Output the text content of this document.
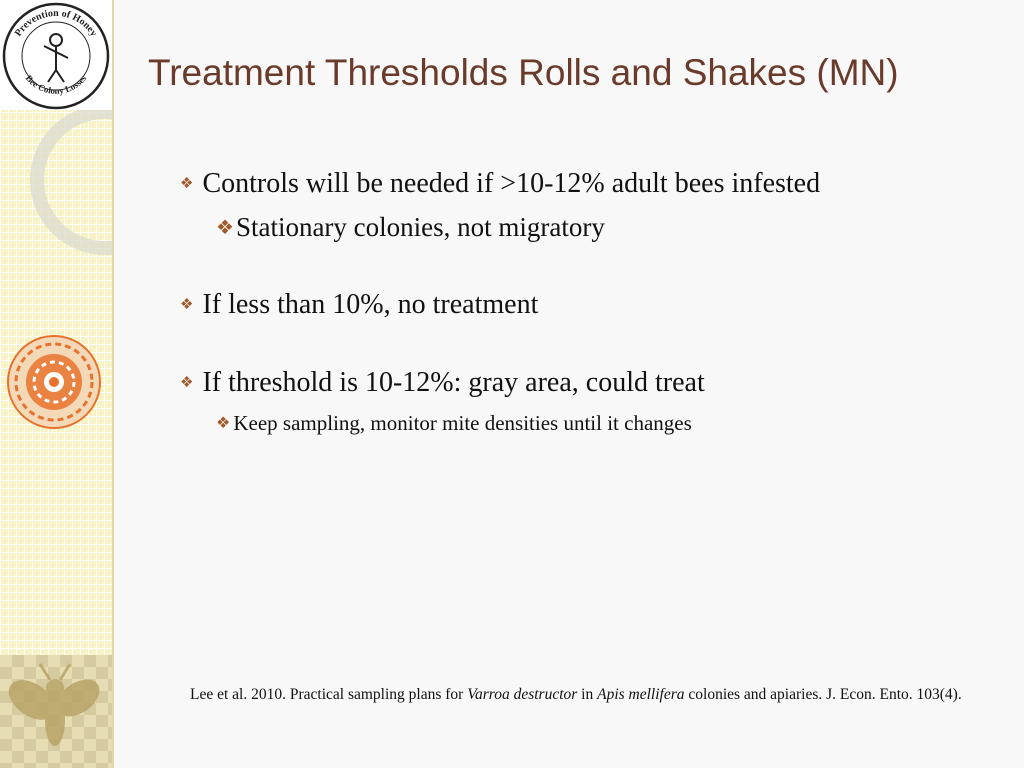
Prevention of Honey
Bee Colony Losses Treatment Thresholds Rolls and Shakes (MN)
❖ Controls will be needed if >10-12% adult bees infested
❖ Stationary colonies, not migratory
❖ If less than 10%, no treatment
❖ If threshold is 10-12%: gray area, could treat
❖ Keep sampling, monitor mite densities until it changes
Lee et al. 2010. Practical sampling plans for Varroa destructor in Apis mellifera colonies and apiaries. J. Econ. Ento. 103(4).
